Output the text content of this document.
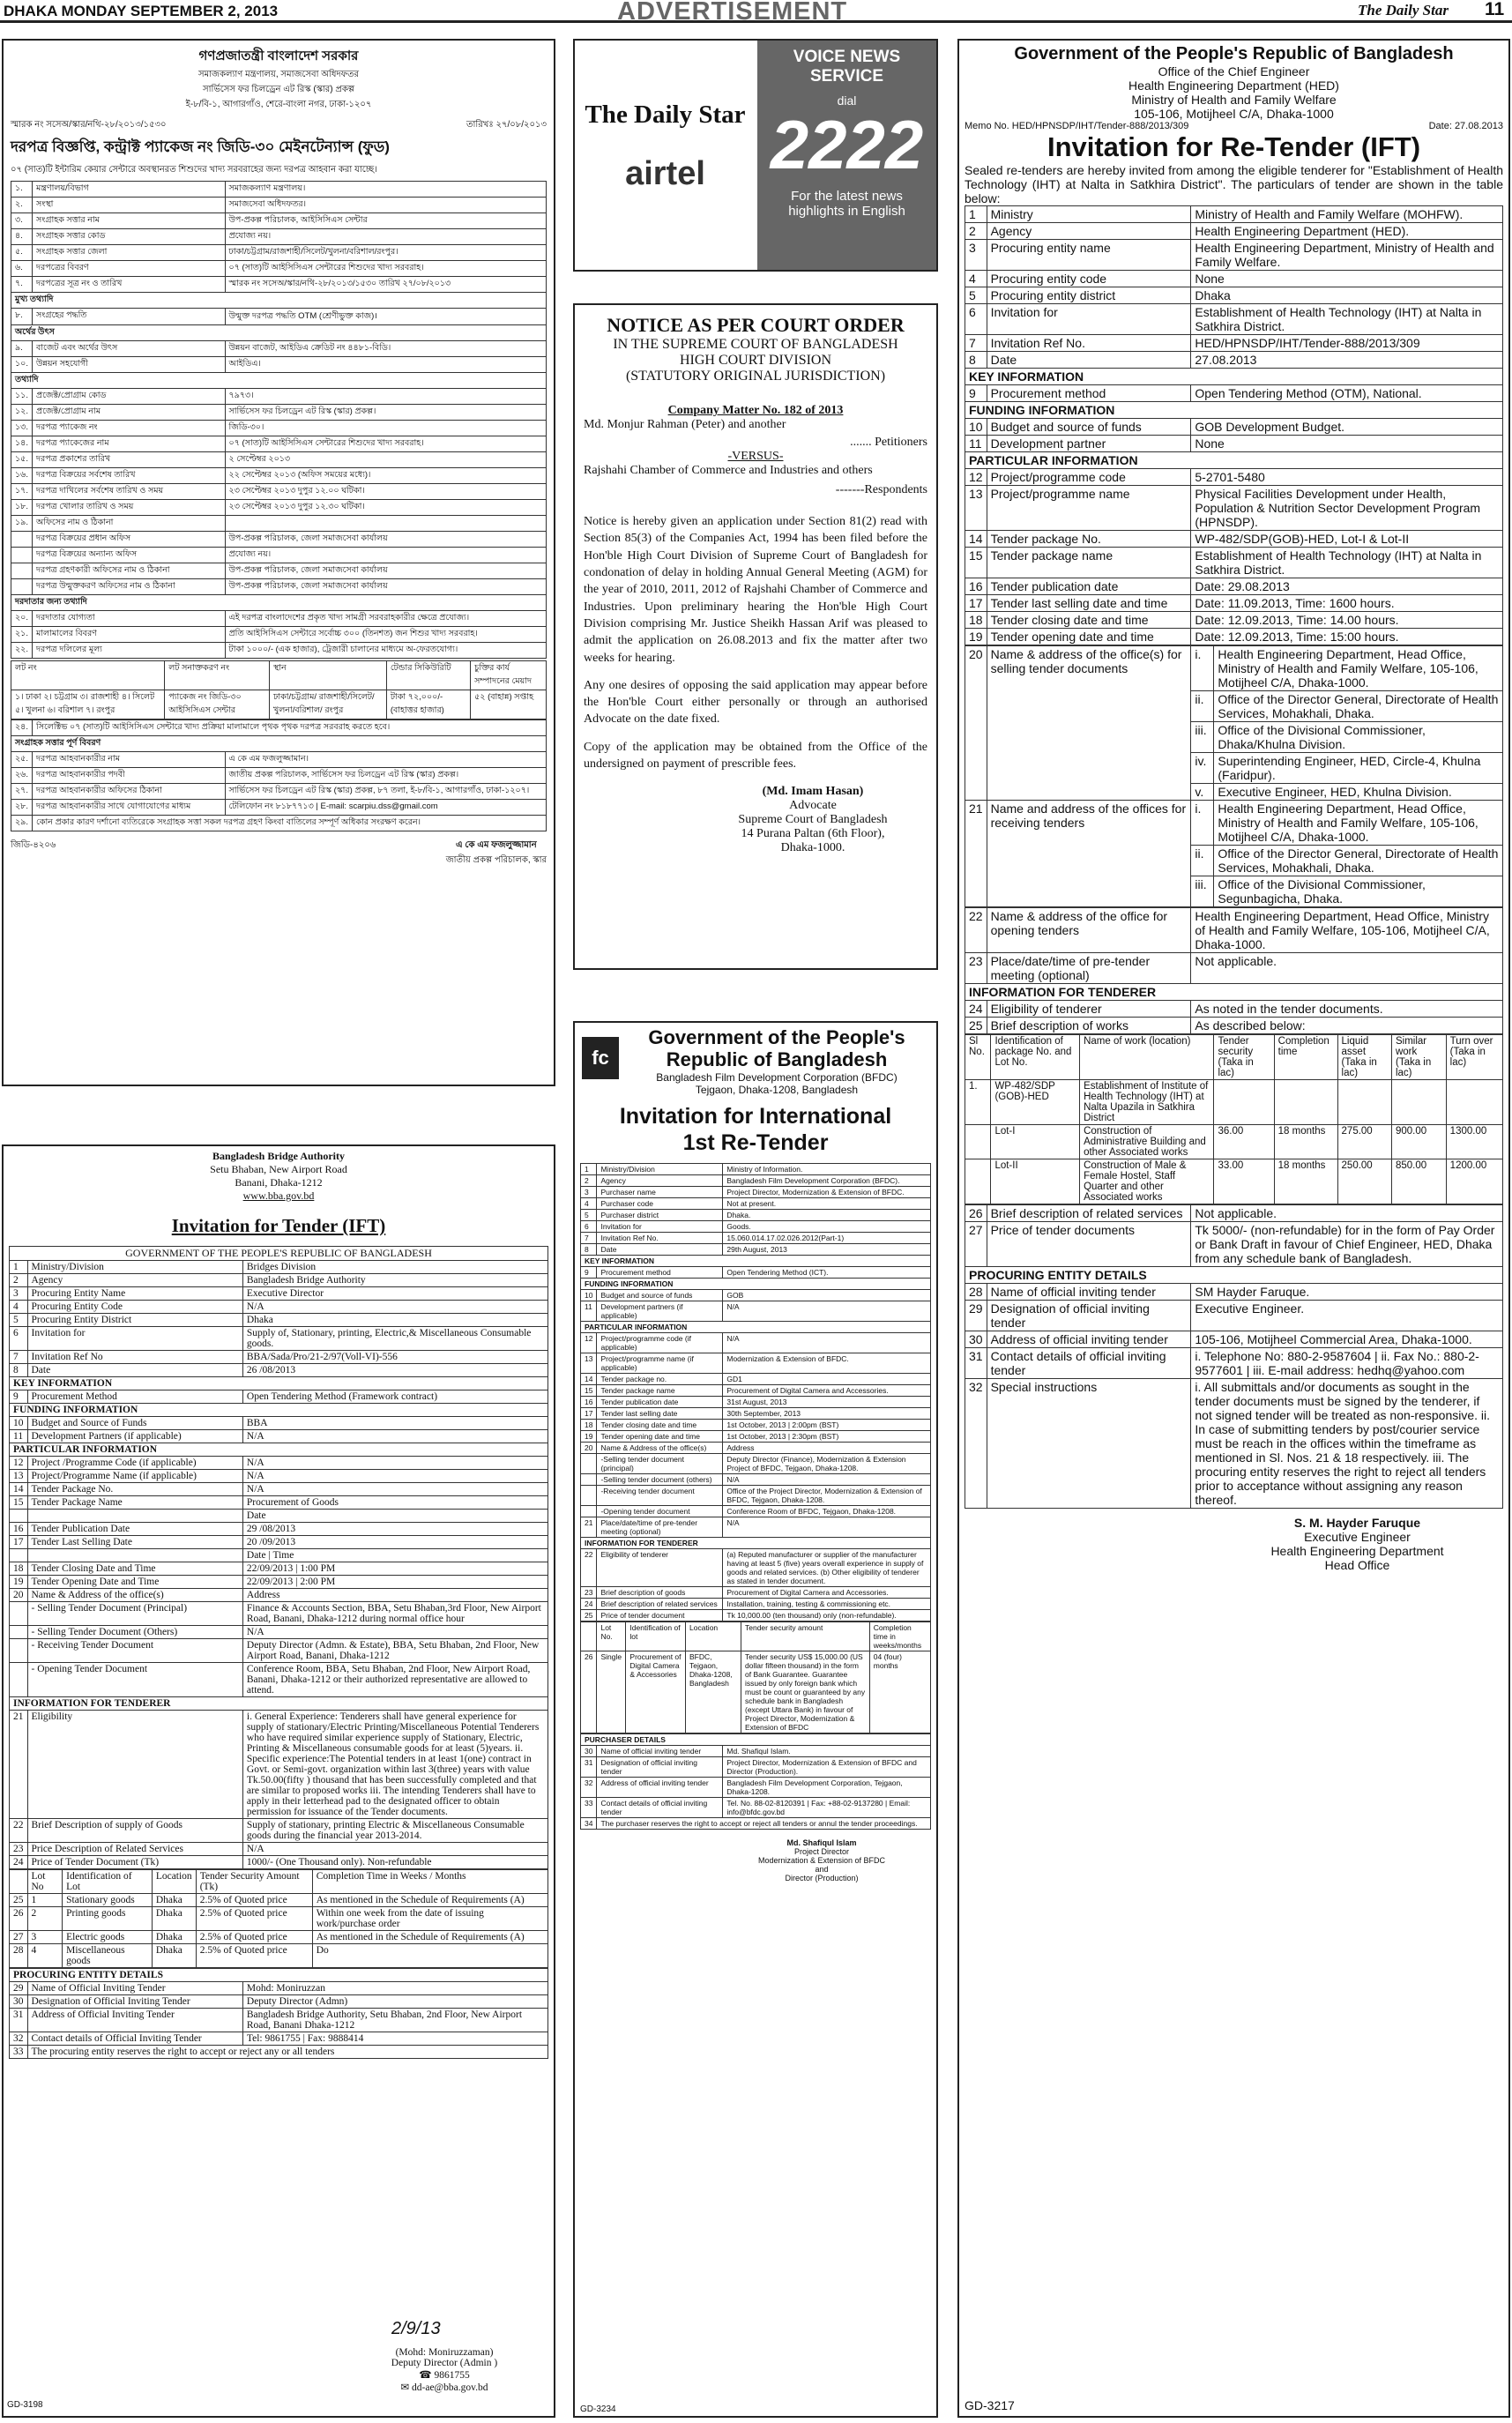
DHAKA MONDAY SEPTEMBER 2, 2013	ADVERTISEMENT	The Daily Star 11
গণপ্রজাতন্ত্রী বাংলাদেশ সরকার
সমাজকল্যাণ মন্ত্রণালয়, সমাজসেবা অধিদফতর
সার্ভিসেস ফর চিলড্রেন এট রিস্ক (স্কার) প্রকল্প
ই-৮/বি-১, আগারগাঁও, শেরে-বাংলা নগর, ঢাকা-১২০৭
স্মারক নং সসেঅ/স্কার/নথি-২৮/২০১৩/১৫৩০	তারিখঃ ২৭/০৮/২০১৩
দরপত্র বিজ্ঞপ্তি, কন্ট্রাক্ট প্যাকেজ নং জিডি-৩০ মেইনটেন্যান্স (ফুড)
০৭ (সাত)টি ইন্টারিম কেয়ার সেন্টারে অবস্থানরত শিশুদের খাদ্য সরবরাহের জন্য দরপত্র আহবান করা যাচ্ছে।
১.	মন্ত্রণালয়/বিভাগ	সমাজকল্যাণ মন্ত্রণালয়।
২.	সংস্থা	সমাজসেবা অধিদফতর।
৩.	সংগ্রাহক সত্তার নাম	উপ-প্রকল্প পরিচালক, আইসিসিএস সেন্টার
৪.	সংগ্রাহক সত্তার কোড	প্রযোজ্য নয়।
৫.	সংগ্রাহক সত্তার জেলা	ঢাকা/চট্টগ্রাম/রাজশাহী/সিলেট/খুলনা/বরিশাল/রংপুর।
৬.	দরপত্রের বিবরণ	০৭ (সাত)টি আইসিসিএস সেন্টারের শিশুদের খাদ্য সরবরাহ।
৭.	দরপত্রের সূত্র নং ও তারিখ	স্মারক নং সসেঅ/স্কার/নথি-২৮/২০১৩/১৫৩০ তারিখ ২৭/০৮/২০১৩
মুখ্য তথ্যাদি		
৮.	সংগ্রহের পদ্ধতি	উন্মুক্ত দরপত্র পদ্ধতি OTM (শ্রেণীভুক্ত কাজ)।
অর্থের উৎস		
৯.	বাজেট এবং অর্থের উৎস	উন্নয়ন বাজেট, আইডিএ ক্রেডিট নং ৪৪৮১-বিডি।
১০.	উন্নয়ন সহযোগী	আইডিএ।
তথ্যাদি		
১১.	প্রজেক্ট/প্রোগ্রাম কোড	৭৯৭৩।
১২.	প্রজেক্ট/প্রোগ্রাম নাম	সার্ভিসেস ফর চিলড্রেন এট রিস্ক (স্কার) প্রকল্প।
১৩.	দরপত্র প্যাকেজ নং	জিডি-৩০।
১৪.	দরপত্র প্যাকেজের নাম	০৭ (সাত)টি আইসিসিএস সেন্টারের শিশুদের খাদ্য সরবরাহ।
১৫.	দরপত্র প্রকাশের তারিখ	২ সেপ্টেম্বর ২০১৩
১৬.	দরপত্র বিক্রয়ের সর্বশেষ তারিখ	২২ সেপ্টেম্বর ২০১৩ (অফিস সময়ের মধ্যে)।
১৭.	দরপত্র দাখিলের সর্বশেষ তারিখ ও সময়	২৩ সেপ্টেম্বর ২০১৩ দুপুর ১২.০০ ঘটিকা।
১৮.	দরপত্র খোলার তারিখ ও সময়	২৩ সেপ্টেম্বর ২০১৩ দুপুর ১২.৩০ ঘটিকা।
১৯.	অফিসের নাম ও ঠিকানা	
	দরপত্র বিক্রয়ের প্রধান অফিস	উপ-প্রকল্প পরিচালক, জেলা সমাজসেবা কার্যালয়
	দরপত্র বিক্রয়ের অন্যান্য অফিস	প্রযোজ্য নয়।
	দরপত্র গ্রহণকারী অফিসের নাম ও ঠিকানা	উপ-প্রকল্প পরিচালক, জেলা সমাজসেবা কার্যালয়
	দরপত্র উন্মুক্তকরণ অফিসের নাম ও ঠিকানা	উপ-প্রকল্প পরিচালক, জেলা সমাজসেবা কার্যালয়
দরদাতার জন্য তথ্যাদি		
২০.	দরদাতার যোগ্যতা	এই দরপত্র বাংলাদেশের প্রকৃত খাদ্য সামগ্রী সরবরাহকারীর ক্ষেত্রে প্রযোজ্য।
২১.	মালামালের বিবরণ	প্রতি আইসিসিএস সেন্টারে সর্বোচ্চ ৩০০ (তিনশত) জন শিশুর খাদ্য সরবরাহ।
২২.	দরপত্র দলিলের মূল্য	টাকা ১০০০/- (এক হাজার), ট্রেজারী চালানের মাধ্যমে অ-ফেরতযোগ্য।
লট নং	লট সনাক্তকরণ নং	স্থান	টেন্ডার সিকিউরিটি	চুক্তির কার্য সম্পাদনের মেয়াদ
১। ঢাকা ২। চট্টগ্রাম ৩। রাজশাহী ৪। সিলেট ৫। খুলনা ৬। বরিশাল ৭। রংপুর	প্যাকেজ নং জিডি-৩০ আইসিসিএস সেন্টার	ঢাকা/চট্টগ্রাম/ রাজশাহী/সিলেট/ খুলনা/বরিশাল/ রংপুর	টাকা ৭২,০০০/- (বাহাত্তর হাজার)	৫২ (বাহান্ন) সপ্তাহ
২৪.	সিলেক্টিভ ০৭ (সাত)টি আইসিসিএস সেন্টারে খাদ্য প্রক্রিয়া মালামালে পৃথক পৃথক দরপত্র সরবরাহ করতে হবে।	
সংগ্রাহক সত্তার পূর্ণ বিবরণ		
২৫.	দরপত্র আহবানকারীর নাম	এ কে এম ফজলুজ্জামান।
২৬.	দরপত্র আহবানকারীর পদবী	জাতীয় প্রকল্প পরিচালক, সার্ভিসেস ফর চিলড্রেন এট রিস্ক (স্কার) প্রকল্প।
২৭.	দরপত্র আহবানকারীর অফিসের ঠিকানা	সার্ভিসেস ফর চিলড্রেন এট রিস্ক (স্কার) প্রকল্প, ৮৭ তলা, ই-৮/বি-১, আগারগাঁও, ঢাকা-১২০৭।
২৮.	দরপত্র আহবানকারীর সাথে যোগাযোগের মাধ্যম	টেলিফোন নং ৮১৮৭৭১৩ | E-mail: scarpiu.dss@gmail.com
২৯.	কোন প্রকার কারণ দর্শানো ব্যতিরেকে সংগ্রাহক সত্তা সকল দরপত্র গ্রহণ কিংবা বাতিলের সম্পূর্ণ অধিকার সংরক্ষণ করেন।	
জিডি-৪২০৬	এ কে এম ফজলুজ্জামান
জাতীয় প্রকল্প পরিচালক, স্কার
Bangladesh Bridge Authority
Setu Bhaban, New Airport Road
Banani, Dhaka-1212
www.bba.gov.bd
Invitation for Tender (IFT)
GOVERNMENT OF THE PEOPLE'S REPUBLIC OF BANGLADESH
1	Ministry/Division	Bridges Division
2	Agency	Bangladesh Bridge Authority
3	Procuring Entity Name	Executive Director
4	Procuring Entity Code	N/A
5	Procuring Entity District	Dhaka
6	Invitation for	Supply of, Stationary, printing, Electric,& Miscellaneous Consumable goods.
7	Invitation Ref No	BBA/Sada/Pro/21-2/97(Voll-VI)-556
8	Date	26 /08/2013
KEY INFORMATION		
9	Procurement Method	Open Tendering Method (Framework contract)
FUNDING INFORMATION		
10	Budget and Source of Funds	BBA
11	Development Partners (if applicable)	N/A
PARTICULAR INFORMATION		
12	Project /Programme Code (if applicable)	N/A
13	Project/Programme Name (if applicable)	N/A
14	Tender Package No.	N/A
15	Tender Package Name	Procurement of Goods
		Date
16	Tender Publication Date	29 /08/2013
17	Tender Last Selling Date	20 /09/2013
		Date | Time
18	Tender Closing Date and Time	22/09/2013 | 1:00 PM
19	Tender Opening Date and Time	22/09/2013 | 2:00 PM
20	Name & Address of the office(s)	Address
	- Selling Tender Document (Principal)	Finance & Accounts Section, BBA, Setu Bhaban,3rd Floor, New Airport Road, Banani, Dhaka-1212 during normal office hour
	- Selling Tender Document (Others)	N/A
	- Receiving Tender Document	Deputy Director (Admn. & Estate), BBA, Setu Bhaban, 2nd Floor, New Airport Road, Banani, Dhaka-1212
	- Opening Tender Document	Conference Room, BBA, Setu Bhaban, 2nd Floor, New Airport Road, Banani, Dhaka-1212 or their authorized representative are allowed to attend.
INFORMATION FOR TENDERER		
21	Eligibility	i. General Experience: Tenderers shall have general experience for supply of stationary/Electric Printing/Miscellaneous Potential Tenderers who have required similar experience supply of Stationary, Electric, Printing & Miscellaneous consumable goods for at least (5)years. ii. Specific experience:The Potential tenders in at least 1(one) contract in Govt. or Semi-govt. organization within last 3(three) years with value Tk.50.00(fifty ) thousand that has been successfully completed and that are similar to proposed works iii. The intending Tenderers shall have to apply in their letterhead pad to the designated officer to obtain permission for issuance of the Tender documents.
22	Brief Description of supply of Goods	Supply of stationary, printing Electric & Miscellaneous Consumable goods during the financial year 2013-2014.
23	Price Description of Related Services	N/A
24	Price of Tender Document (Tk)	1000/- (One Thousand only). Non-refundable
	Lot No	Identification of Lot	Location	Tender Security Amount (Tk)	Completion Time in Weeks / Months
25	1	Stationary goods	Dhaka	2.5% of Quoted price	As mentioned in the Schedule of Requirements (A)
26	2	Printing goods	Dhaka	2.5% of Quoted price	Within one week from the date of issuing work/purchase order
27	3	Electric goods	Dhaka	2.5% of Quoted price	As mentioned in the Schedule of Requirements (A)
28	4	Miscellaneous goods	Dhaka	2.5% of Quoted price	Do
PROCURING ENTITY DETAILS		
29	Name of Official Inviting Tender	Mohd: Moniruzzan
30	Designation of Official Inviting Tender	Deputy Director (Admn)
31	Address of Official Inviting Tender	Bangladesh Bridge Authority, Setu Bhaban, 2nd Floor, New Airport Road, Banani Dhaka-1212
32	Contact details of Official Inviting Tender	Tel: 9861755 | Fax: 9888414
33	The procuring entity reserves the right to accept or reject any or all tenders	
2/9/13
(Mohd: Moniruzzaman)
Deputy Director (Admin )
☎ 9861755
✉ dd-ae@bba.gov.bd
GD-3198
The Daily Star
airtel
VOICE NEWS SERVICE
dial
2222
For the latest news highlights in English
NOTICE AS PER COURT ORDER
IN THE SUPREME COURT OF BANGLADESH
HIGH COURT DIVISION
(STATUTORY ORIGINAL JURISDICTION)
Company Matter No. 182 of 2013
Md. Monjur Rahman (Peter) and another
....... Petitioners
-VERSUS-
Rajshahi Chamber of Commerce and Industries and others
-------Respondents

Notice is hereby given an application under Section 81(2) read with Section 85(3) of the Companies Act, 1994 has been filed before the Hon'ble High Court Division of Supreme Court of Bangladesh for condonation of delay in holding Annual General Meeting (AGM) for the year of 2010, 2011, 2012 of Rajshahi Chamber of Commerce and Industries. Upon preliminary hearing the Hon'ble High Court Division comprising Mr. Justice Sheikh Hassan Arif was pleased to admit the application on 26.08.2013 and fix the matter after two weeks for hearing.

Any one desires of opposing the said application may appear before the Hon'ble Court either personally or through an authorised Advocate on the date fixed.

Copy of the application may be obtained from the Office of the undersigned on payment of prescrible fees.

(Md. Imam Hasan)
Advocate
Supreme Court of Bangladesh
14 Purana Paltan (6th Floor),
Dhaka-1000.
fc
Government of the People's Republic of Bangladesh
Bangladesh Film Development Corporation (BFDC)
Tejgaon, Dhaka-1208, Bangladesh
Invitation for International 1st Re-Tender
1	Ministry/Division	Ministry of Information.
2	Agency	Bangladesh Film Development Corporation (BFDC).
3	Purchaser name	Project Director, Modernization & Extension of BFDC.
4	Purchaser code	Not at present.
5	Purchaser district	Dhaka.
6	Invitation for	Goods.
7	Invitation Ref No.	15.060.014.17.02.026.2012(Part-1)
8	Date	29th August, 2013
KEY INFORMATION		
9	Procurement method	Open Tendering Method (ICT).
FUNDING INFORMATION		
10	Budget and source of funds	GOB
11	Development partners (if applicable)	N/A
PARTICULAR INFORMATION		
12	Project/programme code (if applicable)	N/A
13	Project/programme name (if applicable)	Modernization & Extension of BFDC.
14	Tender package no.	GD1
15	Tender package name	Procurement of Digital Camera and Accessories.
16	Tender publication date	31st August, 2013
17	Tender last selling date	30th September, 2013
18	Tender closing date and time	1st October, 2013 | 2:00pm (BST)
19	Tender opening date and time	1st October, 2013 | 2:30pm (BST)
20	Name & Address of the office(s)	Address
	-Selling tender document (principal)	Deputy Director (Finance), Modernization & Extension Project of BFDC, Tejgaon, Dhaka-1208.
	-Selling tender document (others)	N/A
	-Receiving tender document	Office of the Project Director, Modernization & Extension of BFDC, Tejgaon, Dhaka-1208.
	-Opening tender document	Conference Room of BFDC, Tejgaon, Dhaka-1208.
21	Place/date/time of pre-tender meeting (optional)	N/A
INFORMATION FOR TENDERER		
22	Eligibility of tenderer	(a) Reputed manufacturer or supplier of the manufacturer having at least 5 (five) years overall experience in supply of goods and related services. (b) Other eligibility of tenderer as stated in tender document.
23	Brief description of goods	Procurement of Digital Camera and Accessories.
24	Brief description of related services	Installation, training, testing & commissioning etc.
25	Price of tender document	Tk 10,000.00 (ten thousand) only (non-refundable).
	Lot No.	Identification of lot	Location	Tender security amount	Completion time in weeks/months
26	Single	Procurement of Digital Camera & Accessories	BFDC, Tejgaon, Dhaka-1208, Bangladesh	Tender security US$ 15,000.00 (US dollar fifteen thousand) in the form of Bank Guarantee. Guarantee issued by only foreign bank which must be count or guaranteed by any schedule bank in Bangladesh (except Uttara Bank) in favour of Project Director, Modernization & Extension of BFDC	04 (four) months
PURCHASER DETAILS		
30	Name of official inviting tender	Md. Shafiqul Islam.
31	Designation of official inviting tender	Project Director, Modernization & Extension of BFDC and Director (Production).
32	Address of official inviting tender	Bangladesh Film Development Corporation, Tejgaon, Dhaka-1208.
33	Contact details of official inviting tender	Tel. No. 88-02-8120391 | Fax: +88-02-9137280 | Email: info@bfdc.gov.bd
34	The purchaser reserves the right to accept or reject all tenders or annul the tender proceedings.	
Md. Shafiqul Islam
Project Director
Modernization & Extension of BFDC
and
Director (Production)
GD-3234
Government of the People's Republic of Bangladesh
Office of the Chief Engineer
Health Engineering Department (HED)
Ministry of Health and Family Welfare
105-106, Motijheel C/A, Dhaka-1000
Memo No. HED/HPNSDP/IHT/Tender-888/2013/309	Date: 27.08.2013
Invitation for Re-Tender (IFT)
Sealed re-tenders are hereby invited from among the eligible tenderer for "Establishment of Health Technology (IHT) at Nalta in Satkhira District". The particulars of tender are shown in the table below:
1	Ministry	Ministry of Health and Family Welfare (MOHFW).
2	Agency	Health Engineering Department (HED).
3	Procuring entity name	Health Engineering Department, Ministry of Health and Family Welfare.
4	Procuring entity code	None
5	Procuring entity district	Dhaka
6	Invitation for	Establishment of Health Technology (IHT) at Nalta in Satkhira District.
7	Invitation Ref No.	HED/HPNSDP/IHT/Tender-888/2013/309
8	Date	27.08.2013
KEY INFORMATION		
9	Procurement method	Open Tendering Method (OTM), National.
FUNDING INFORMATION		
10	Budget and source of funds	GOB Development Budget.
11	Development partner	None
PARTICULAR INFORMATION		
12	Project/programme code	5-2701-5480
13	Project/programme name	Physical Facilities Development under Health, Population & Nutrition Sector Development Program (HPNSDP).
14	Tender package No.	WP-482/SDP(GOB)-HED, Lot-I & Lot-II
15	Tender package name	Establishment of Health Technology (IHT) at Nalta in Satkhira District.
16	Tender publication date	Date: 29.08.2013
17	Tender last selling date and time	Date: 11.09.2013, Time: 1600 hours.
18	Tender closing date and time	Date: 12.09.2013, Time: 14.00 hours.
19	Tender opening date and time	Date: 12.09.2013, Time: 15:00 hours.
20	Name & address of the office(s) for selling tender documents	i.	Health Engineering Department, Head Office, Ministry of Health and Family Welfare, 105-106, Motijheel C/A, Dhaka-1000.
		ii.	Office of the Director General, Directorate of Health Services, Mohakhali, Dhaka.
		iii.	Office of the Divisional Commissioner, Dhaka/Khulna Division.
		iv.	Superintending Engineer, HED, Circle-4, Khulna (Faridpur).
		v.	Executive Engineer, HED, Khulna Division.
21	Name and address of the offices for receiving tenders	i.	Health Engineering Department, Head Office, Ministry of Health and Family Welfare, 105-106, Motijheel C/A, Dhaka-1000.
		ii.	Office of the Director General, Directorate of Health Services, Mohakhali, Dhaka.
		iii.	Office of the Divisional Commissioner, Segunbagicha, Dhaka.
22	Name & address of the office for opening tenders	Health Engineering Department, Head Office, Ministry of Health and Family Welfare, 105-106, Motijheel C/A, Dhaka-1000.
23	Place/date/time of pre-tender meeting (optional)	Not applicable.
INFORMATION FOR TENDERER		
24	Eligibility of tenderer	As noted in the tender documents.
25	Brief description of works	As described below:
Sl No.	Identification of package No. and Lot No.	Name of work (location)	Tender security (Taka in lac)	Completion time	Liquid asset (Taka in lac)	Similar work (Taka in lac)	Turn over (Taka in lac)
1.	WP-482/SDP (GOB)-HED	Establishment of Institute of Health Technology (IHT) at Nalta Upazila in Satkhira District					
	Lot-I	Construction of Administrative Building and other Associated works	36.00	18 months	275.00	900.00	1300.00
	Lot-II	Construction of Male & Female Hostel, Staff Quarter and other Associated works	33.00	18 months	250.00	850.00	1200.00
26	Brief description of related services	Not applicable.
27	Price of tender documents	Tk 5000/- (non-refundable) for in the form of Pay Order or Bank Draft in favour of Chief Engineer, HED, Dhaka from any schedule bank of Bangladesh.
PROCURING ENTITY DETAILS		
28	Name of official inviting tender	SM Hayder Faruque.
29	Designation of official inviting tender	Executive Engineer.
30	Address of official inviting tender	105-106, Motijheel Commercial Area, Dhaka-1000.
31	Contact details of official inviting tender	i. Telephone No: 880-2-9587604 | ii. Fax No.: 880-2-9577601 | iii. E-mail address: hedhq@yahoo.com
32	Special instructions	i. All submittals and/or documents as sought in the tender documents must be signed by the tenderer, if not signed tender will be treated as non-responsive. ii. In case of submitting tenders by post/courier service must be reach in the offices within the timeframe as mentioned in Sl. Nos. 21 & 18 respectively. iii. The procuring entity reserves the right to reject all tenders prior to acceptance without assigning any reason thereof.
S. M. Hayder Faruque
Executive Engineer
Health Engineering Department
Head Office
GD-3217
